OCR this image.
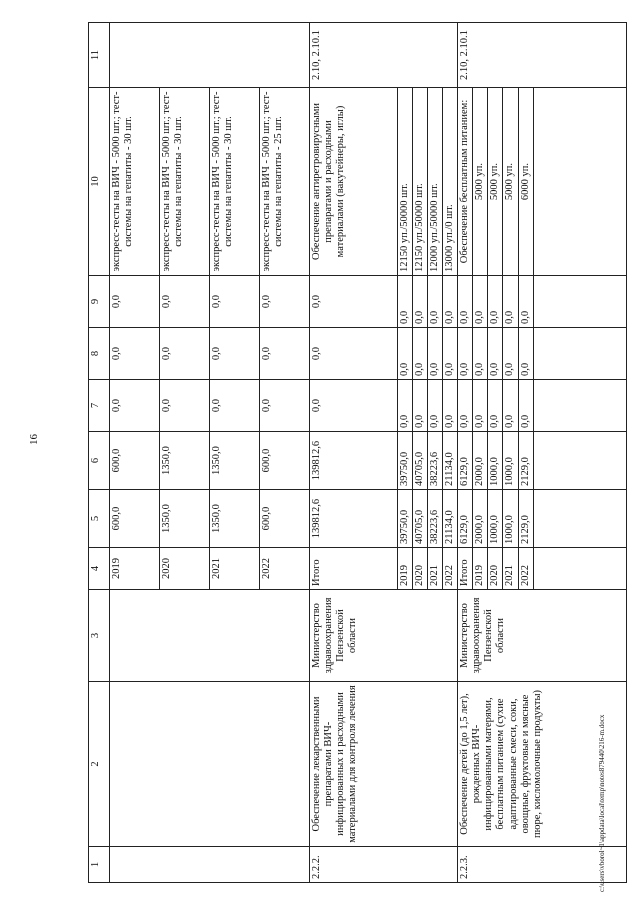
16
c:\users\vborol~1\appdata\local\temp\notes879440\216-m.docx
1	2	3	4	5	6	7	8	9	10	11
			2019	600,0	600,0	0,0	0,0	0,0	экспресс-тесты на ВИЧ - 5000 шт.; тест-системы на гепатиты - 30 шт.	
			2020	1350,0	1350,0	0,0	0,0	0,0	экспресс-тесты на ВИЧ - 5000 шт.; тест-системы на гепатиты - 30 шт.	
			2021	1350,0	1350,0	0,0	0,0	0,0	экспресс-тесты на ВИЧ - 5000 шт.; тест-системы на гепатиты - 30 шт.	
			2022	600,0	600,0	0,0	0,0	0,0	экспресс-тесты на ВИЧ - 5000 шт.; тест-системы на гепатиты - 25 шт.	
2.2.2.	Обеспечение лекарственными препаратами ВИЧ-инфицированных и расходными материалами для контроля лечения	Министерство здравоохранения Пензенской области	Итого	139812,6	139812,6	0,0	0,0	0,0	Обеспечение антиретровирусными препаратами и расходными материалами (вакутейнеры, иглы)	2.10, 2.10.1
			2019	39750,0	39750,0	0,0	0,0	0,0	12150 уп./50000 шт.	
			2020	40705,0	40705,0	0,0	0,0	0,0	12150 уп./50000 шт.	
			2021	38223,6	38223,6	0,0	0,0	0,0	12000 уп./50000 шт.	
			2022	21134,0	21134,0	0,0	0,0	0,0	13000 уп./0 шт.	
2.2.3.	Обеспечение детей (до 1,5 лет), рожденных ВИЧ-инфицированными матерями, бесплатным питанием (сухие адаптированные смеси, соки, овощные, фруктовые и мясные пюре, кисломолочные продукты)	Министерство здравоохранения Пензенской области	Итого	6129,0	6129,0	0,0	0,0	0,0	Обеспечение бесплатным питанием:	2.10, 2.10.1
			2019	2000,0	2000,0	0,0	0,0	0,0	5000 уп.	
			2020	1000,0	1000,0	0,0	0,0	0,0	5000 уп.	
			2021	1000,0	1000,0	0,0	0,0	0,0	5000 уп.	
			2022	2129,0	2129,0	0,0	0,0	0,0	6000 уп.	
